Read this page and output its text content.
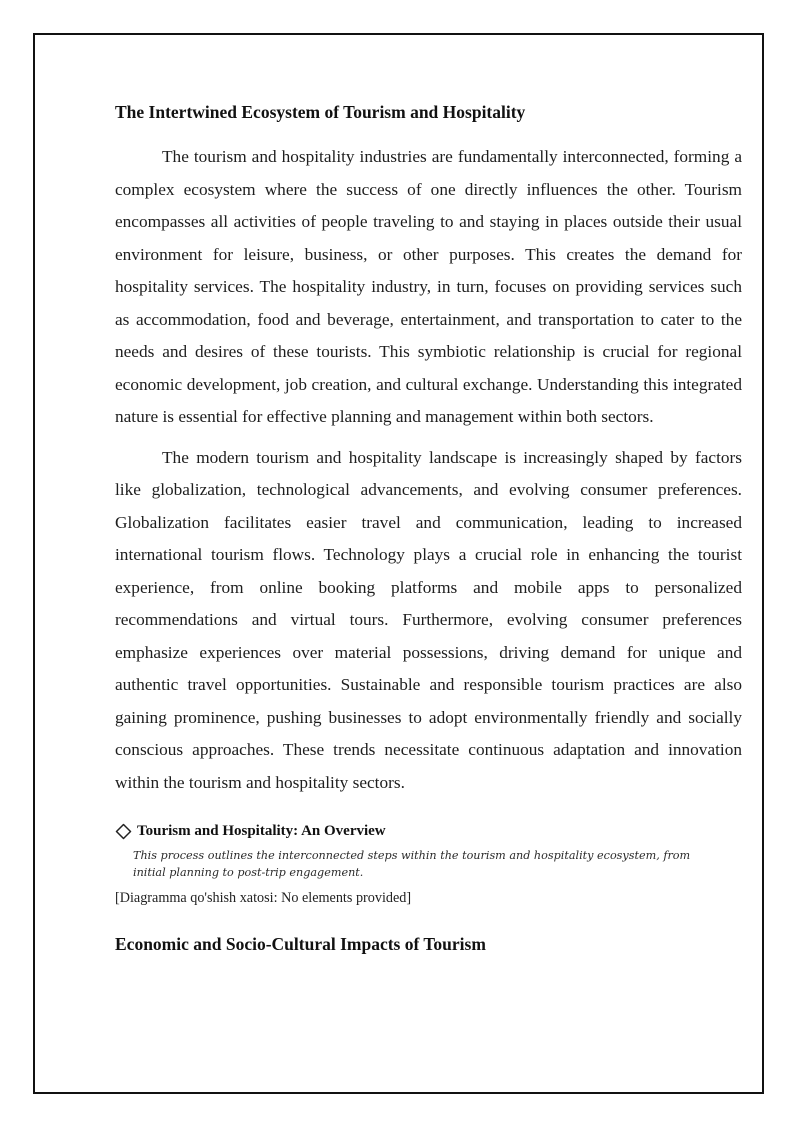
The Intertwined Ecosystem of Tourism and Hospitality

The tourism and hospitality industries are fundamentally interconnected, forming a complex ecosystem where the success of one directly influences the other. Tourism encompasses all activities of people traveling to and staying in places outside their usual environment for leisure, business, or other purposes. This creates the demand for hospitality services. The hospitality industry, in turn, focuses on providing services such as accommodation, food and beverage, entertainment, and transportation to cater to the needs and desires of these tourists. This symbiotic relationship is crucial for regional economic development, job creation, and cultural exchange. Understanding this integrated nature is essential for effective planning and management within both sectors.

The modern tourism and hospitality landscape is increasingly shaped by factors like globalization, technological advancements, and evolving consumer preferences. Globalization facilitates easier travel and communication, leading to increased international tourism flows. Technology plays a crucial role in enhancing the tourist experience, from online booking platforms and mobile apps to personalized recommendations and virtual tours. Furthermore, evolving consumer preferences emphasize experiences over material possessions, driving demand for unique and authentic travel opportunities. Sustainable and responsible tourism practices are also gaining prominence, pushing businesses to adopt environmentally friendly and socially conscious approaches. These trends necessitate continuous adaptation and innovation within the tourism and hospitality sectors.

Tourism and Hospitality: An Overview
This process outlines the interconnected steps within the tourism and hospitality ecosystem, from initial planning to post-trip engagement.
[Diagramma qo'shish xatosi: No elements provided]
Economic and Socio-Cultural Impacts of Tourism
